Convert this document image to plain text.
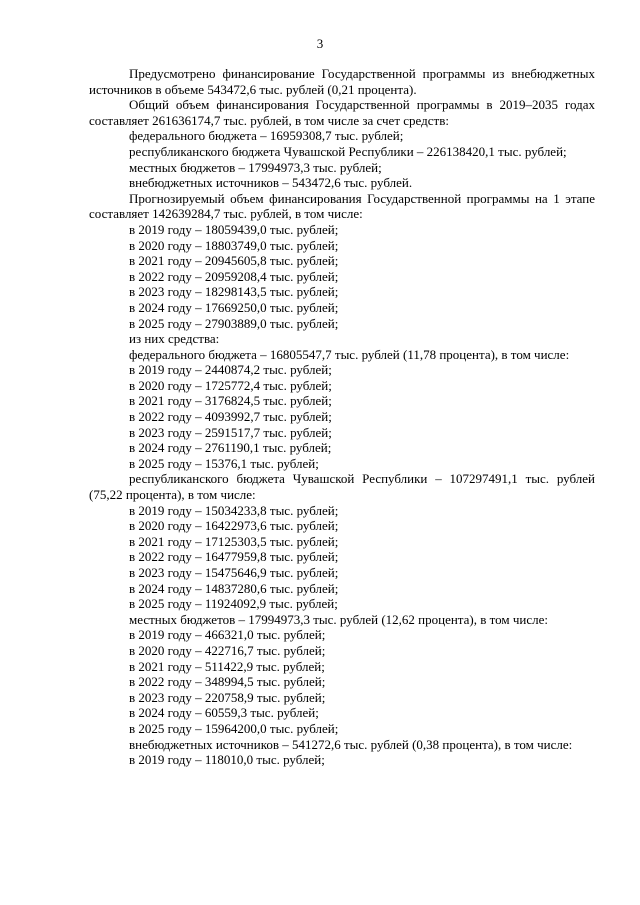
3
Предусмотрено финансирование Государственной программы из внебюджетных источников в объеме 543472,6 тыс. рублей (0,21 процента).
Общий объем финансирования Государственной программы в 2019–2035 годах составляет 261636174,7 тыс. рублей, в том числе за счет средств:
федерального бюджета – 16959308,7 тыс. рублей;
республиканского бюджета Чувашской Республики – 226138420,1 тыс. рублей;
местных бюджетов – 17994973,3 тыс. рублей;
внебюджетных источников – 543472,6 тыс. рублей.
Прогнозируемый объем финансирования Государственной программы на 1 этапе составляет 142639284,7 тыс. рублей, в том числе:
в 2019 году – 18059439,0 тыс. рублей;
в 2020 году – 18803749,0 тыс. рублей;
в 2021 году – 20945605,8 тыс. рублей;
в 2022 году – 20959208,4 тыс. рублей;
в 2023 году – 18298143,5 тыс. рублей;
в 2024 году – 17669250,0 тыс. рублей;
в 2025 году – 27903889,0 тыс. рублей;
из них средства:
федерального бюджета – 16805547,7 тыс. рублей (11,78 процента), в том числе:
в 2019 году – 2440874,2 тыс. рублей;
в 2020 году – 1725772,4 тыс. рублей;
в 2021 году – 3176824,5 тыс. рублей;
в 2022 году – 4093992,7 тыс. рублей;
в 2023 году – 2591517,7 тыс. рублей;
в 2024 году – 2761190,1 тыс. рублей;
в 2025 году – 15376,1 тыс. рублей;
республиканского бюджета Чувашской Республики – 107297491,1 тыс. рублей (75,22 процента), в том числе:
в 2019 году – 15034233,8 тыс. рублей;
в 2020 году – 16422973,6 тыс. рублей;
в 2021 году – 17125303,5 тыс. рублей;
в 2022 году – 16477959,8 тыс. рублей;
в 2023 году – 15475646,9 тыс. рублей;
в 2024 году – 14837280,6 тыс. рублей;
в 2025 году – 11924092,9 тыс. рублей;
местных бюджетов – 17994973,3 тыс. рублей (12,62 процента), в том числе:
в 2019 году – 466321,0 тыс. рублей;
в 2020 году – 422716,7 тыс. рублей;
в 2021 году – 511422,9 тыс. рублей;
в 2022 году – 348994,5 тыс. рублей;
в 2023 году – 220758,9 тыс. рублей;
в 2024 году – 60559,3 тыс. рублей;
в 2025 году – 15964200,0 тыс. рублей;
внебюджетных источников – 541272,6 тыс. рублей (0,38 процента), в том числе:
в 2019 году – 118010,0 тыс. рублей;
